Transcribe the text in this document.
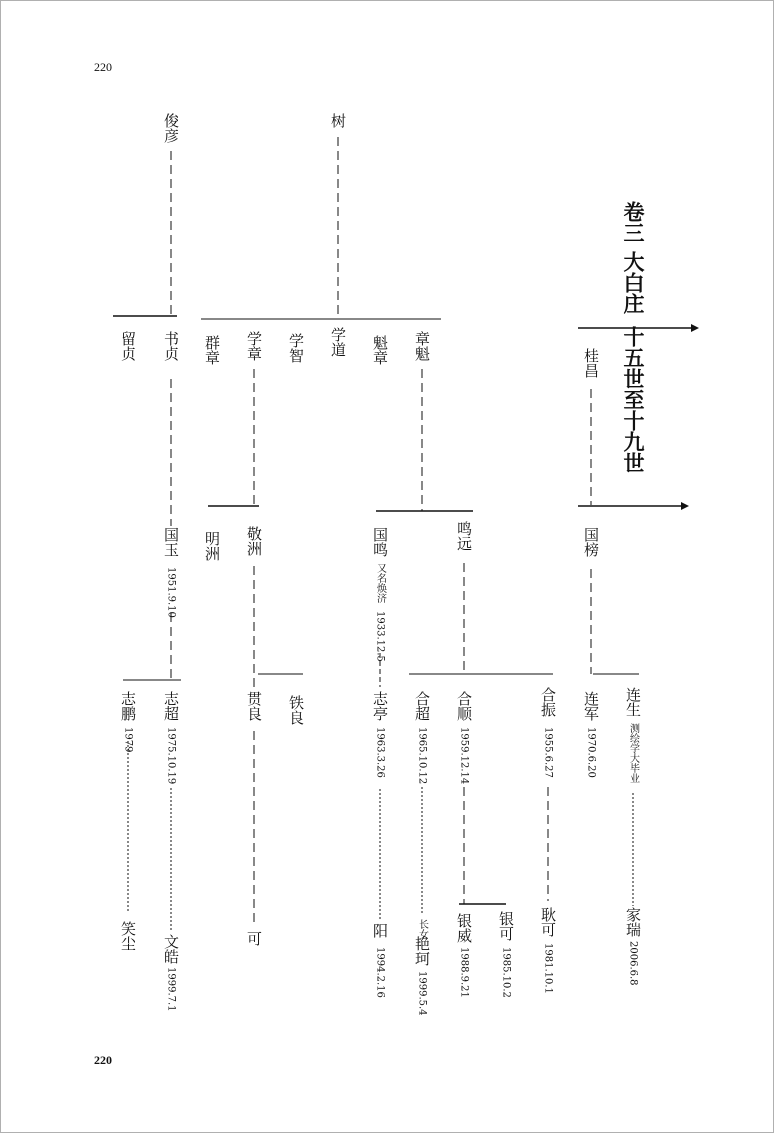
220
220
卷三
大白庄
十五世至十九世
俊彦	树
留贞 书贞 群章 学章 学智 学道 魁章 章魁
桂昌
国玉 明洲 敬洲	国鸣	鸣远	国榜
志鹏 志超	贯良 铁良	志亭 合超 合顺	合振 连军 连生
笑尘 文皓	可
阳
艳珂
银威 银可 耿可	家瑞
1951.9.10	又名焕济
1933.12.5
1979	1975.10.19	1963.3.26	1965.10.12	1959.12.14	1955.6.27	1970.6.20	测绘学大毕业
1999.7.1	1994.2.16
长女
1999.5.4	1988.9.21	1985.10.2	1981.10.1	2006.6.8
